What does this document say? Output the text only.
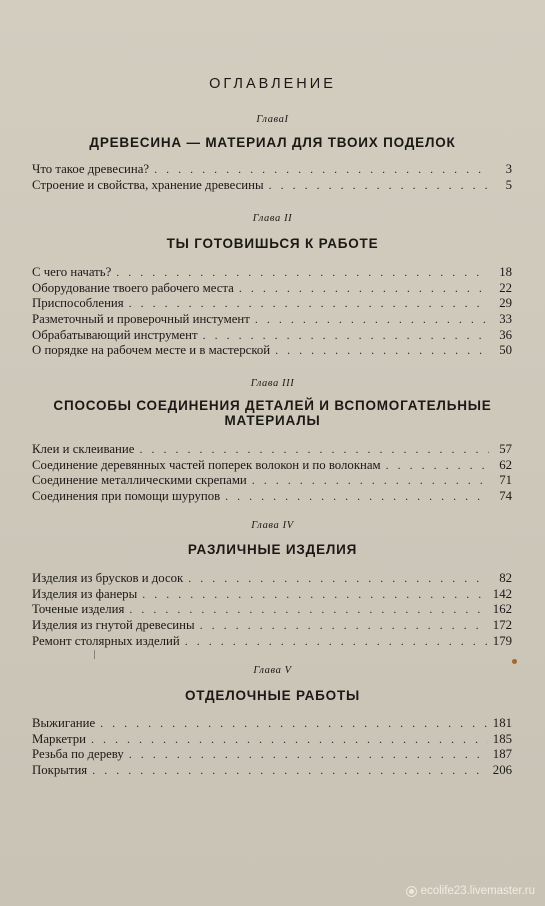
ОГЛАВЛЕНИЕ
ГлаваI
ДРЕВЕСИНА — МАТЕРИАЛ ДЛЯ ТВОИХ ПОДЕЛОК
Что такое древесина? . . .	3
Строение и свойства, хранение древесины . . .	5
Глава II
ТЫ ГОТОВИШЬСЯ К РАБОТЕ
С чего начать? . . .	18
Оборудование твоего рабочего места . . .	22
Приспособления . . .	29
Разметочный и проверочный инстумент . . .	33
Обрабатывающий инструмент . . .	36
О порядке на рабочем месте и в мастерской . . .	50
Глава III
СПОСОБЫ СОЕДИНЕНИЯ ДЕТАЛЕЙ И ВСПОМОГАТЕЛЬНЫЕ
МАТЕРИАЛЫ
Клеи и склеивание . . .	57
Соединение деревянных частей поперек волокон и по волокнам . . .	62
Соединение металлическими скрепами . . .	71
Соединения при помощи шурупов . . .	74
Глава IV
РАЗЛИЧНЫЕ ИЗДЕЛИЯ
Изделия из брусков и досок . . .	82
Изделия из фанеры . . .	142
Точеные изделия . . .	162
Изделия из гнутой древесины . . .	172
Ремонт столярных изделий . . .	179
Глава V
ОТДЕЛОЧНЫЕ РАБОТЫ
Выжигание . . .	181
Маркетри . . .	185
Резьба по дереву . . .	187
Покрытия . . .	206
ecolife23.livemaster.ru
